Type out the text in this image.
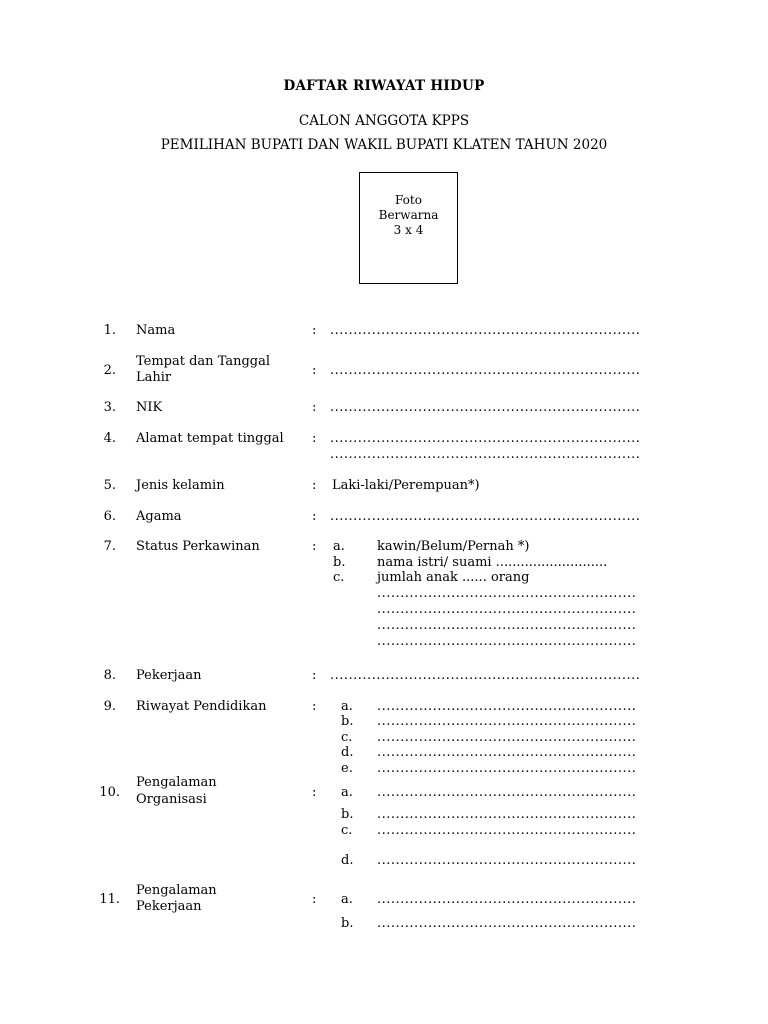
DAFTAR RIWAYAT HIDUP
CALON ANGGOTA KPPS
PEMILIHAN BUPATI DAN WAKIL BUPATI KLATEN TAHUN 2020
Foto
Berwarna
3 x 4
1. Nama	: ...................................................................
2.
Tempat dan Tanggal
Lahir	: ...................................................................
3. NIK	: ...................................................................
4. Alamat tempat tinggal : ...................................................................
...................................................................
5. Jenis kelamin	: Laki-laki/Perempuan*)
6. Agama	: ...................................................................
7. Status Perkawinan	: a. kawin/Belum/Pernah *)
b. nama istri/ suami ...........................
c.	jumlah anak ...... orang
........................................................
........................................................
........................................................
........................................................
8. Pekerjaan	: ...................................................................
9. Riwayat Pendidikan	: a. ........................................................
b. ........................................................
c. ........................................................
d. ........................................................
e. ........................................................
10.
Pengalaman
Organisasi	: a. ........................................................
b. ........................................................
c. ........................................................
d. ........................................................
11.
Pengalaman
Pekerjaan	: a. ........................................................
b. ........................................................
